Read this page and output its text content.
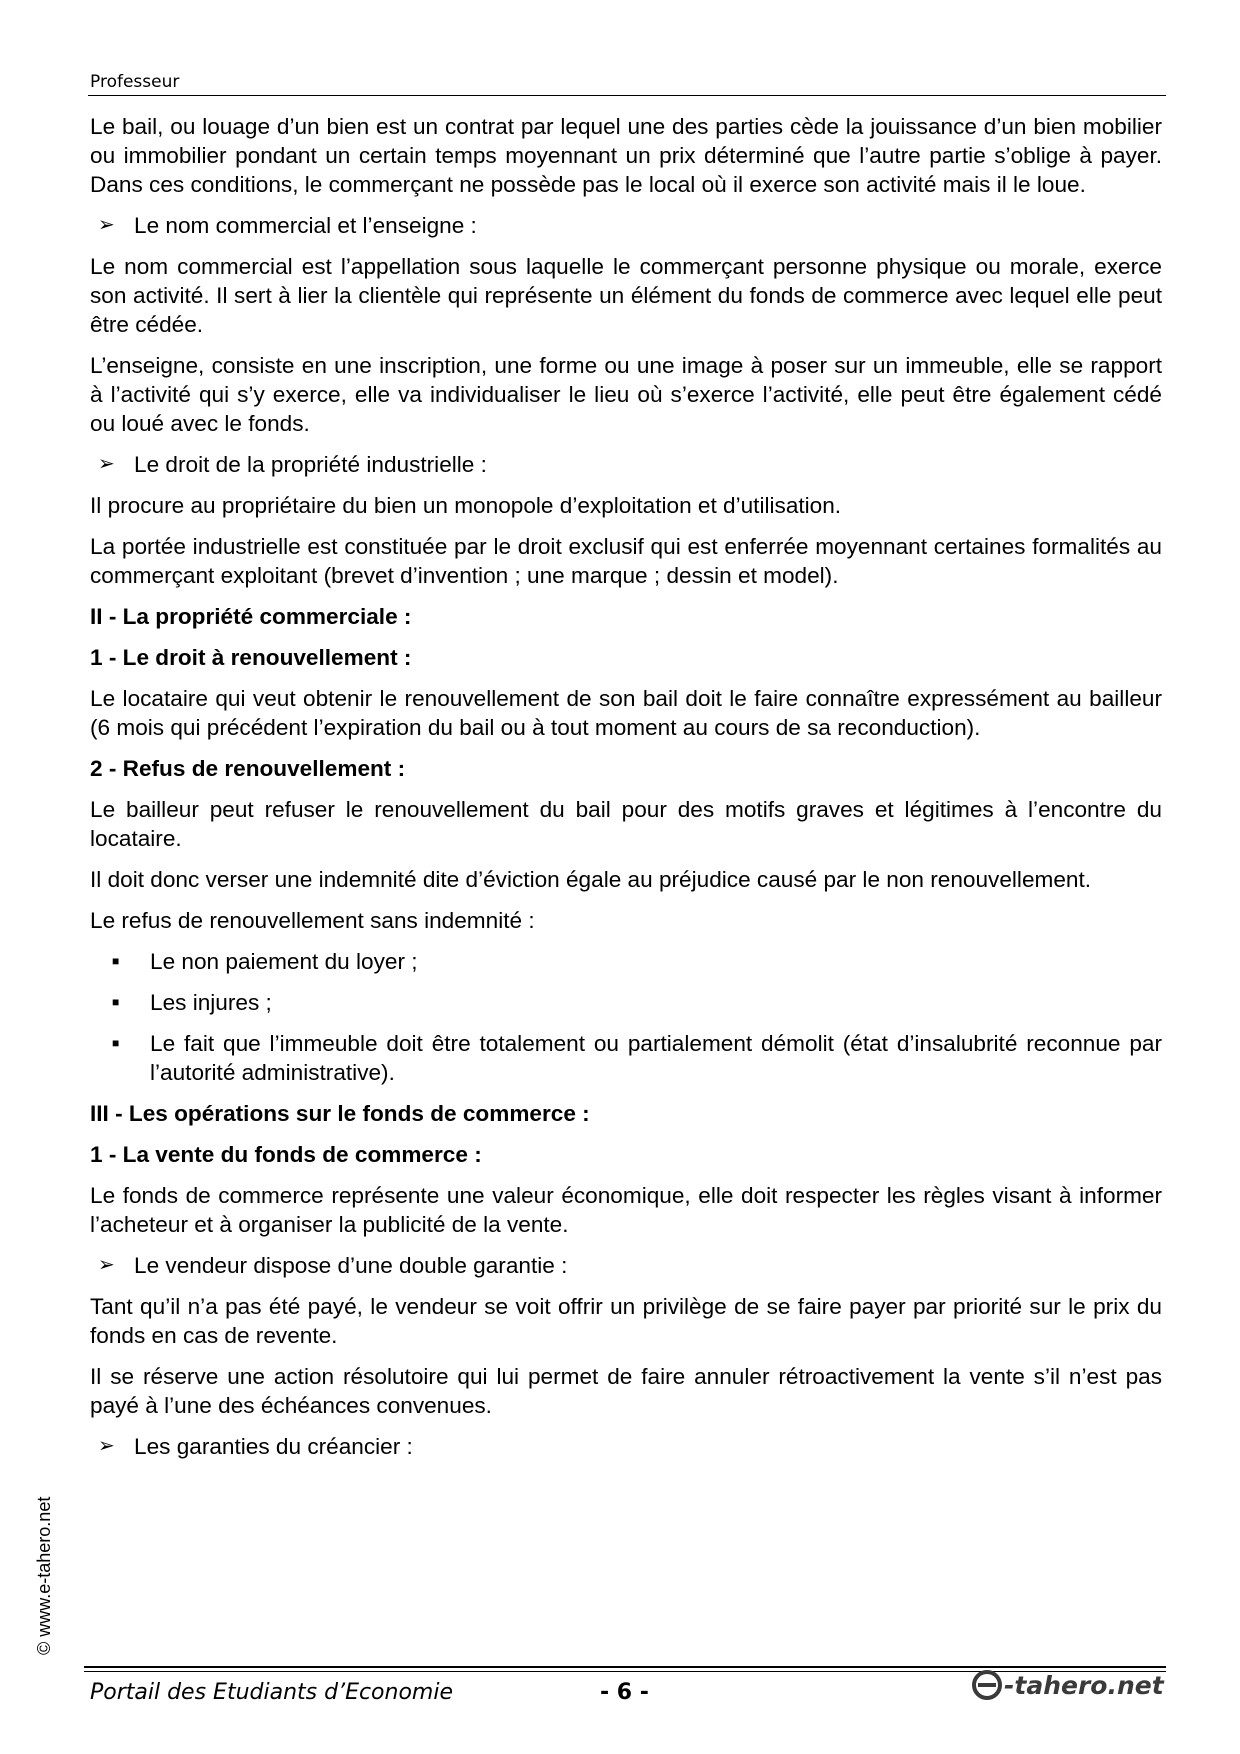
Professeur

Le bail, ou louage d’un bien est un contrat par lequel une des parties cède la jouissance d’un bien mobilier ou immobilier pondant un certain temps moyennant un prix déterminé que l’autre partie s’oblige à payer. Dans ces conditions, le commerçant ne possède pas le local où il exerce son activité mais il le loue.

➢ Le nom commercial et l’enseigne :

Le nom commercial est l’appellation sous laquelle le commerçant personne physique ou morale, exerce son activité. Il sert à lier la clientèle qui représente un élément du fonds de commerce avec lequel elle peut être cédée.

L’enseigne, consiste en une inscription, une forme ou une image à poser sur un immeuble, elle se rapport à l’activité qui s’y exerce, elle va individualiser le lieu où s’exerce l’activité, elle peut être également cédé ou loué avec le fonds.

➢ Le droit de la propriété industrielle :

Il procure au propriétaire du bien un monopole d’exploitation et d’utilisation.

La portée industrielle est constituée par le droit exclusif qui est enferrée moyennant certaines formalités au commerçant exploitant (brevet d’invention ; une marque ; dessin et model).

II - La propriété commerciale :

1 - Le droit à renouvellement :

Le locataire qui veut obtenir le renouvellement de son bail doit le faire connaître expressément au bailleur (6 mois qui précédent l’expiration du bail ou à tout moment au cours de sa reconduction).

2 - Refus de renouvellement :

Le bailleur peut refuser le renouvellement du bail pour des motifs graves et légitimes à l’encontre du locataire.

Il doit donc verser une indemnité dite d’éviction égale au préjudice causé par le non renouvellement.

Le refus de renouvellement sans indemnité :

■	Le non paiement du loyer ;
■	Les injures ;
■	Le fait que l’immeuble doit être totalement ou partialement démolit (état d’insalubrité reconnue par l’autorité administrative).

III - Les opérations sur le fonds de commerce :

1 - La vente du fonds de commerce :

Le fonds de commerce représente une valeur économique, elle doit respecter les règles visant à informer l’acheteur et à organiser la publicité de la vente.

➢ Le vendeur dispose d’une double garantie :

Tant qu’il n’a pas été payé, le vendeur se voit offrir un privilège de se faire payer par priorité sur le prix du fonds en cas de revente.

Il se réserve une action résolutoire qui lui permet de faire annuler rétroactivement la vente s’il n’est pas payé à l’une des échéances convenues.

➢ Les garanties du créancier :
© www.e-tahero.net
Portail des Etudiants d’Economie	- 6 -	-tahero.net
